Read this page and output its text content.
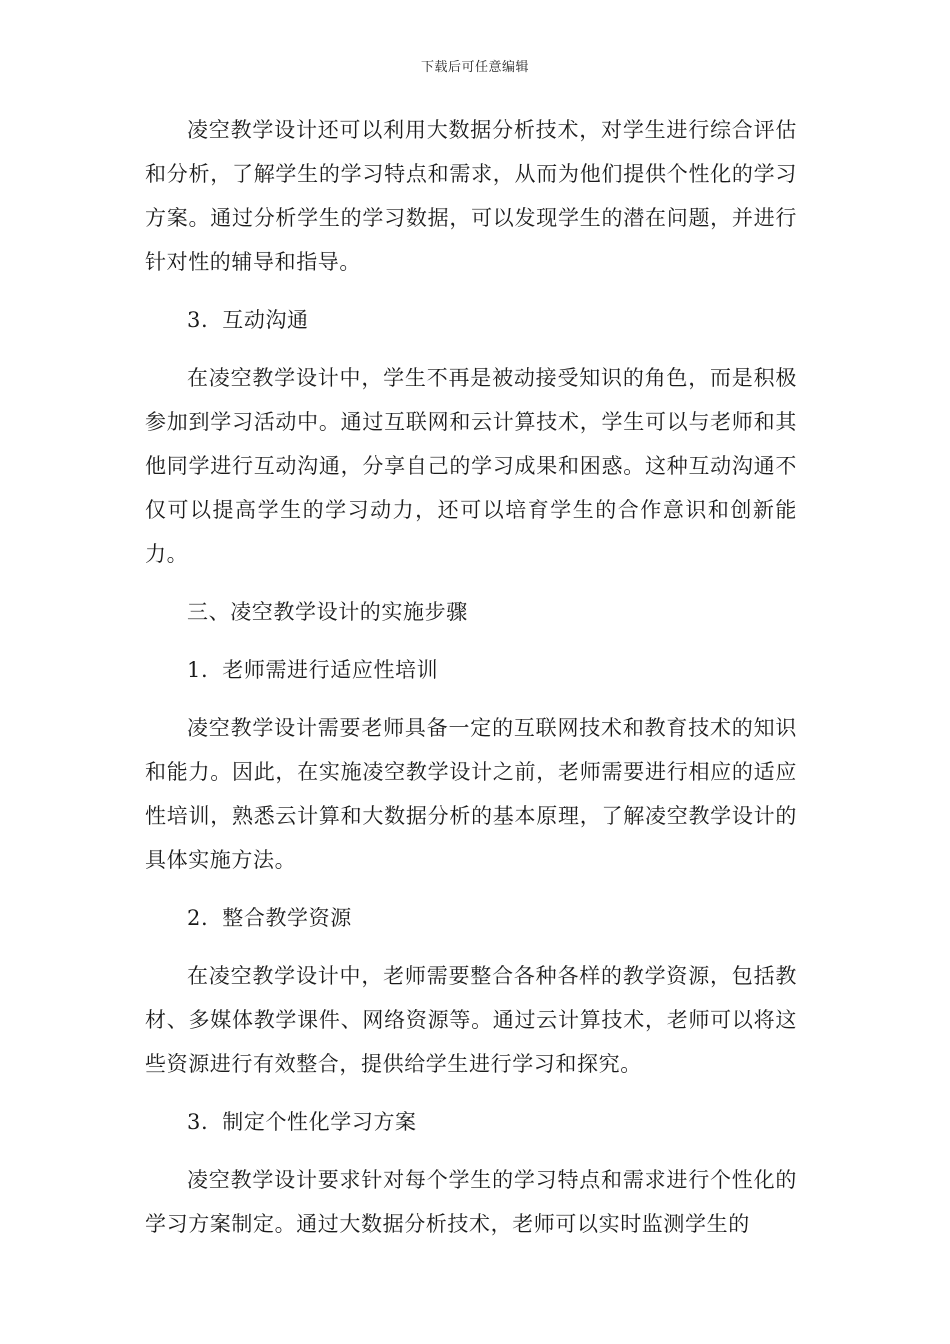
下载后可任意编辑

凌空教学设计还可以利用大数据分析技术，对学生进行综合评估和分析，了解学生的学习特点和需求，从而为他们提供个性化的学习方案。通过分析学生的学习数据，可以发现学生的潜在问题，并进行针对性的辅导和指导。

3. 互动沟通

在凌空教学设计中，学生不再是被动接受知识的角色，而是积极参加到学习活动中。通过互联网和云计算技术，学生可以与老师和其他同学进行互动沟通，分享自己的学习成果和困惑。这种互动沟通不仅可以提高学生的学习动力，还可以培育学生的合作意识和创新能力。

三、凌空教学设计的实施步骤
1. 老师需进行适应性培训

凌空教学设计需要老师具备一定的互联网技术和教育技术的知识和能力。因此，在实施凌空教学设计之前，老师需要进行相应的适应性培训，熟悉云计算和大数据分析的基本原理，了解凌空教学设计的具体实施方法。

2. 整合教学资源

在凌空教学设计中，老师需要整合各种各样的教学资源，包括教材、多媒体教学课件、网络资源等。通过云计算技术，老师可以将这些资源进行有效整合，提供给学生进行学习和探究。

3. 制定个性化学习方案

凌空教学设计要求针对每个学生的学习特点和需求进行个性化的学习方案制定。通过大数据分析技术，老师可以实时监测学生的
